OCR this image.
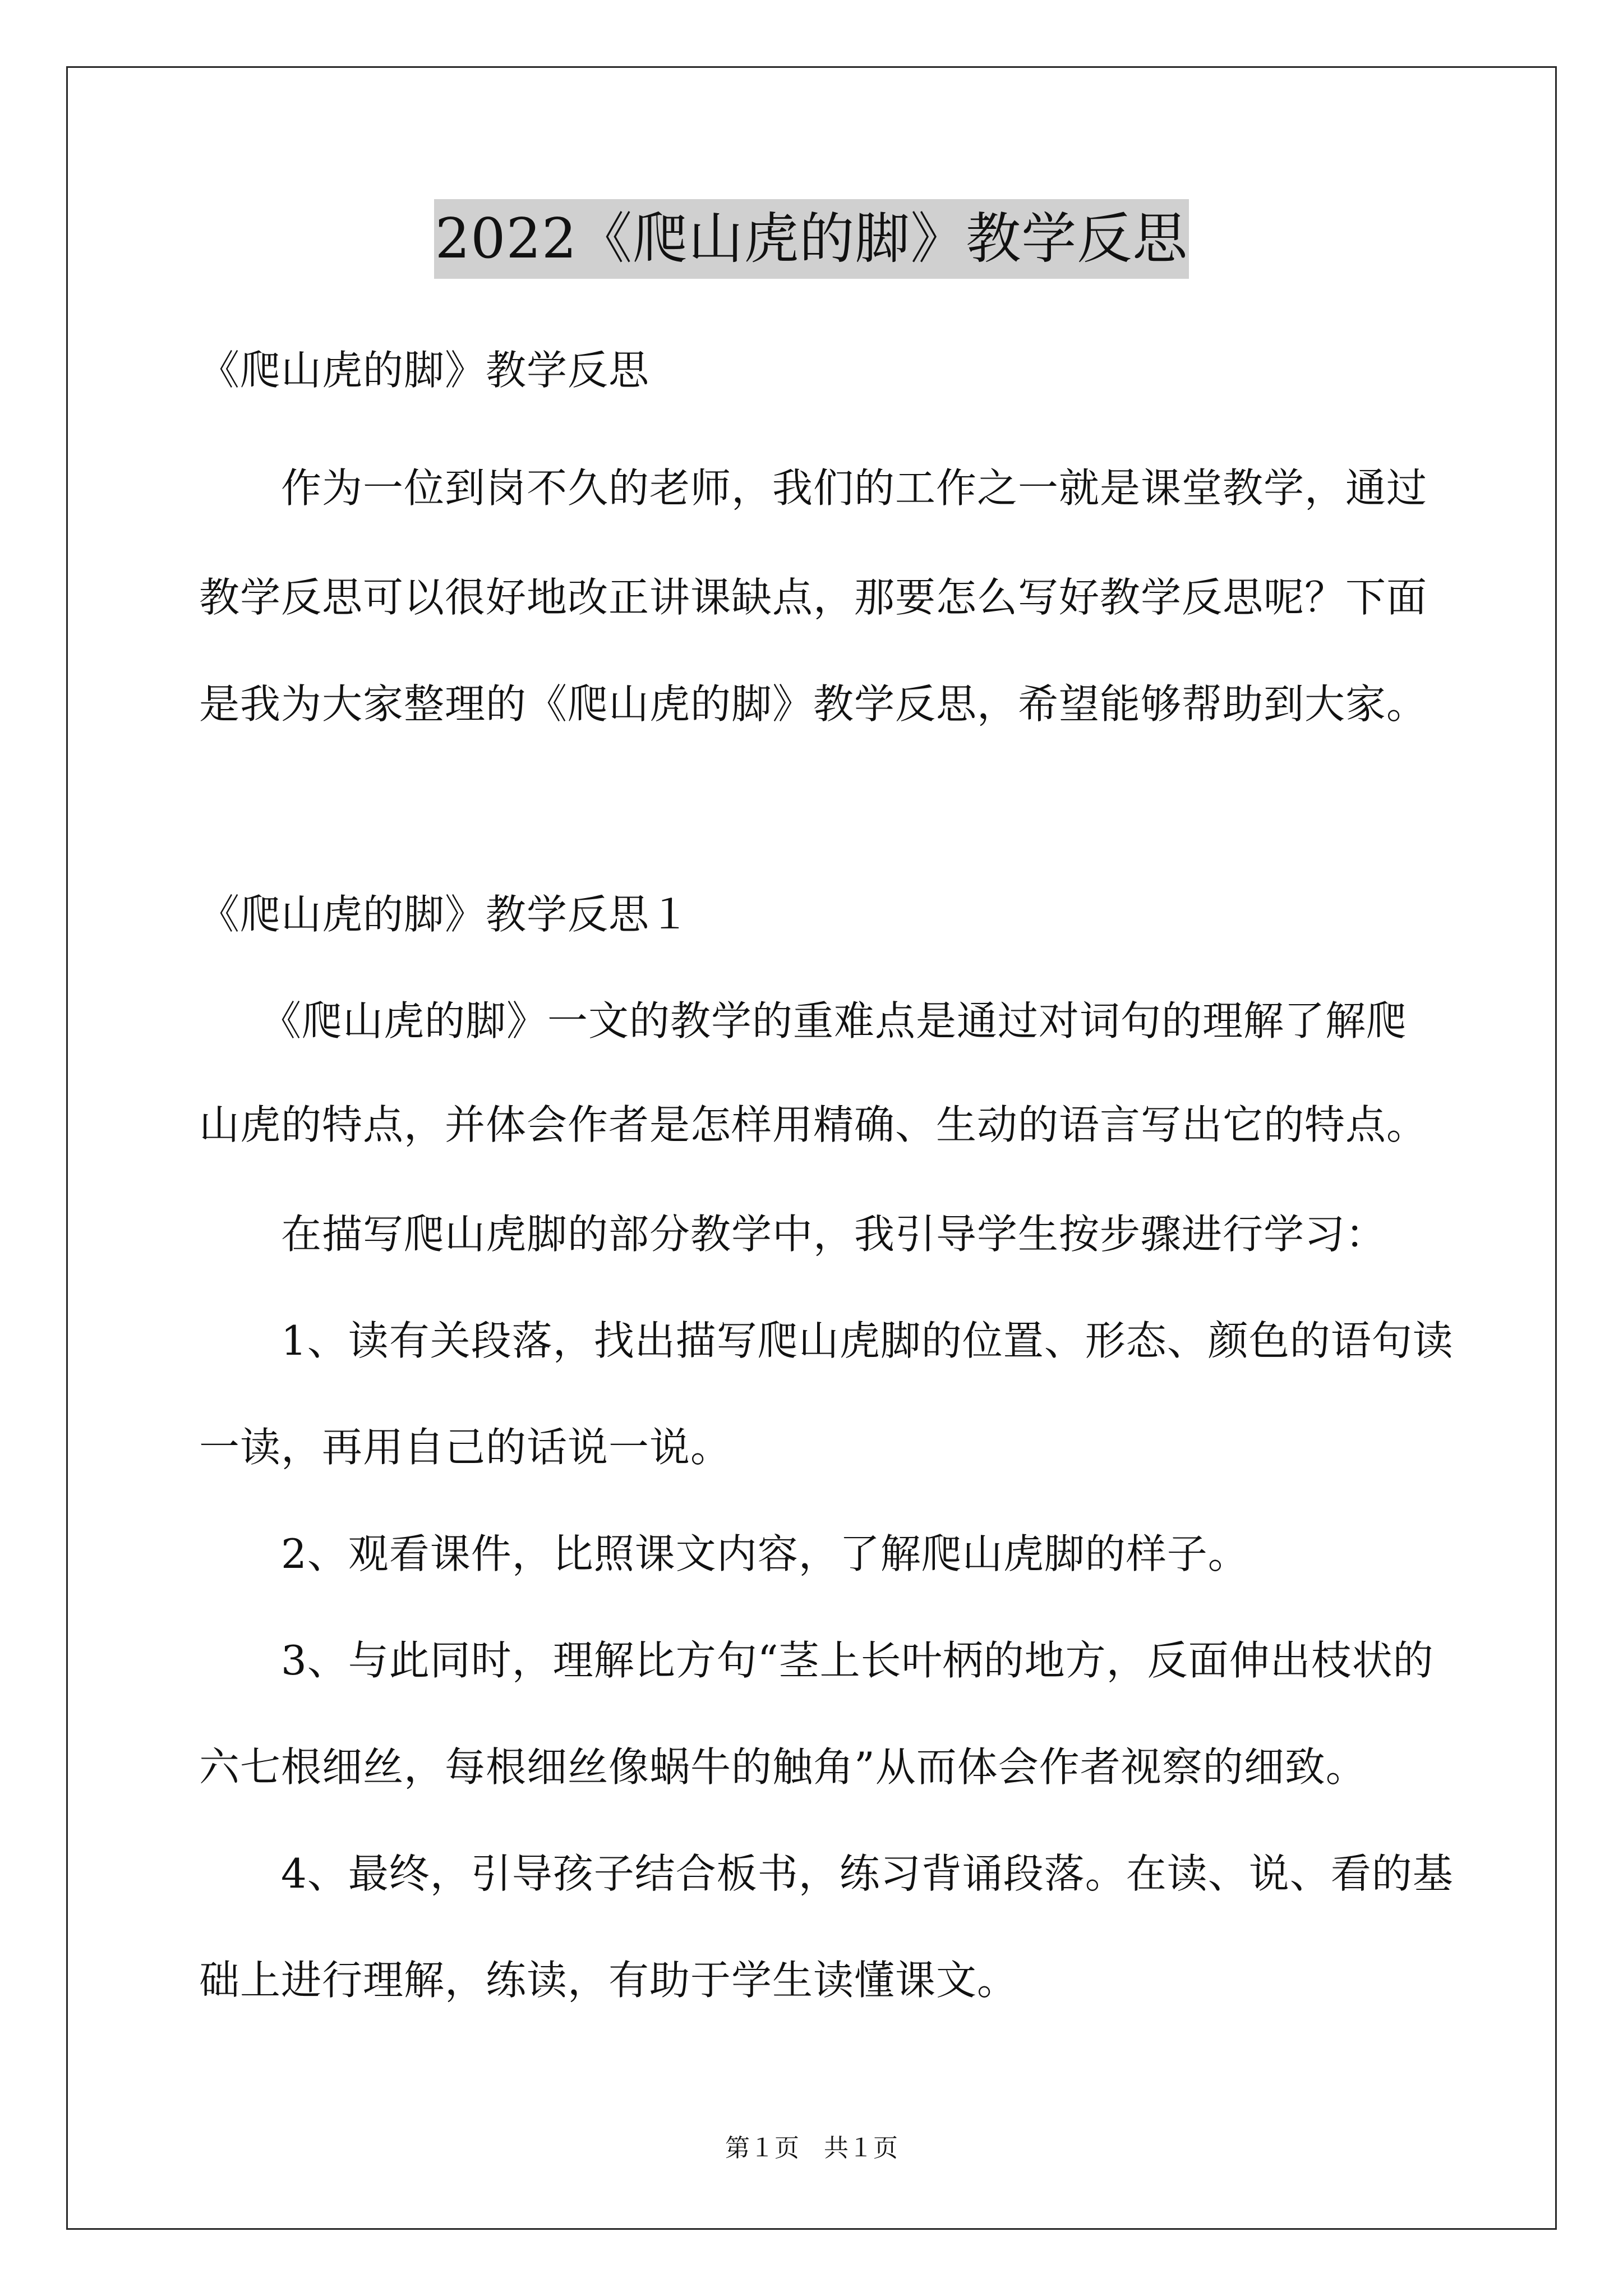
2022《爬山虎的脚》教学反思
《爬山虎的脚》教学反思
　　作为一位到岗不久的老师，我们的工作之一就是课堂教学，通过
教学反思可以很好地改正讲课缺点，那要怎么写好教学反思呢？下面
是我为大家整理的《爬山虎的脚》教学反思，希望能够帮助到大家。
《爬山虎的脚》教学反思１
　　《爬山虎的脚》一文的教学的重难点是通过对词句的理解了解爬
山虎的特点，并体会作者是怎样用精确、生动的语言写出它的特点。
　　在描写爬山虎脚的部分教学中，我引导学生按步骤进行学习：
　　1、读有关段落，找出描写爬山虎脚的位置、形态、颜色的语句读
一读，再用自己的话说一说。
　　2、观看课件，比照课文内容，了解爬山虎脚的样子。
　　3、与此同时，理解比方句“茎上长叶柄的地方，反面伸出枝状的
六七根细丝，每根细丝像蜗牛的触角”从而体会作者视察的细致。
　　4、最终，引导孩子结合板书，练习背诵段落。在读、说、看的基
础上进行理解，练读，有助于学生读懂课文。
第１页　共１页
